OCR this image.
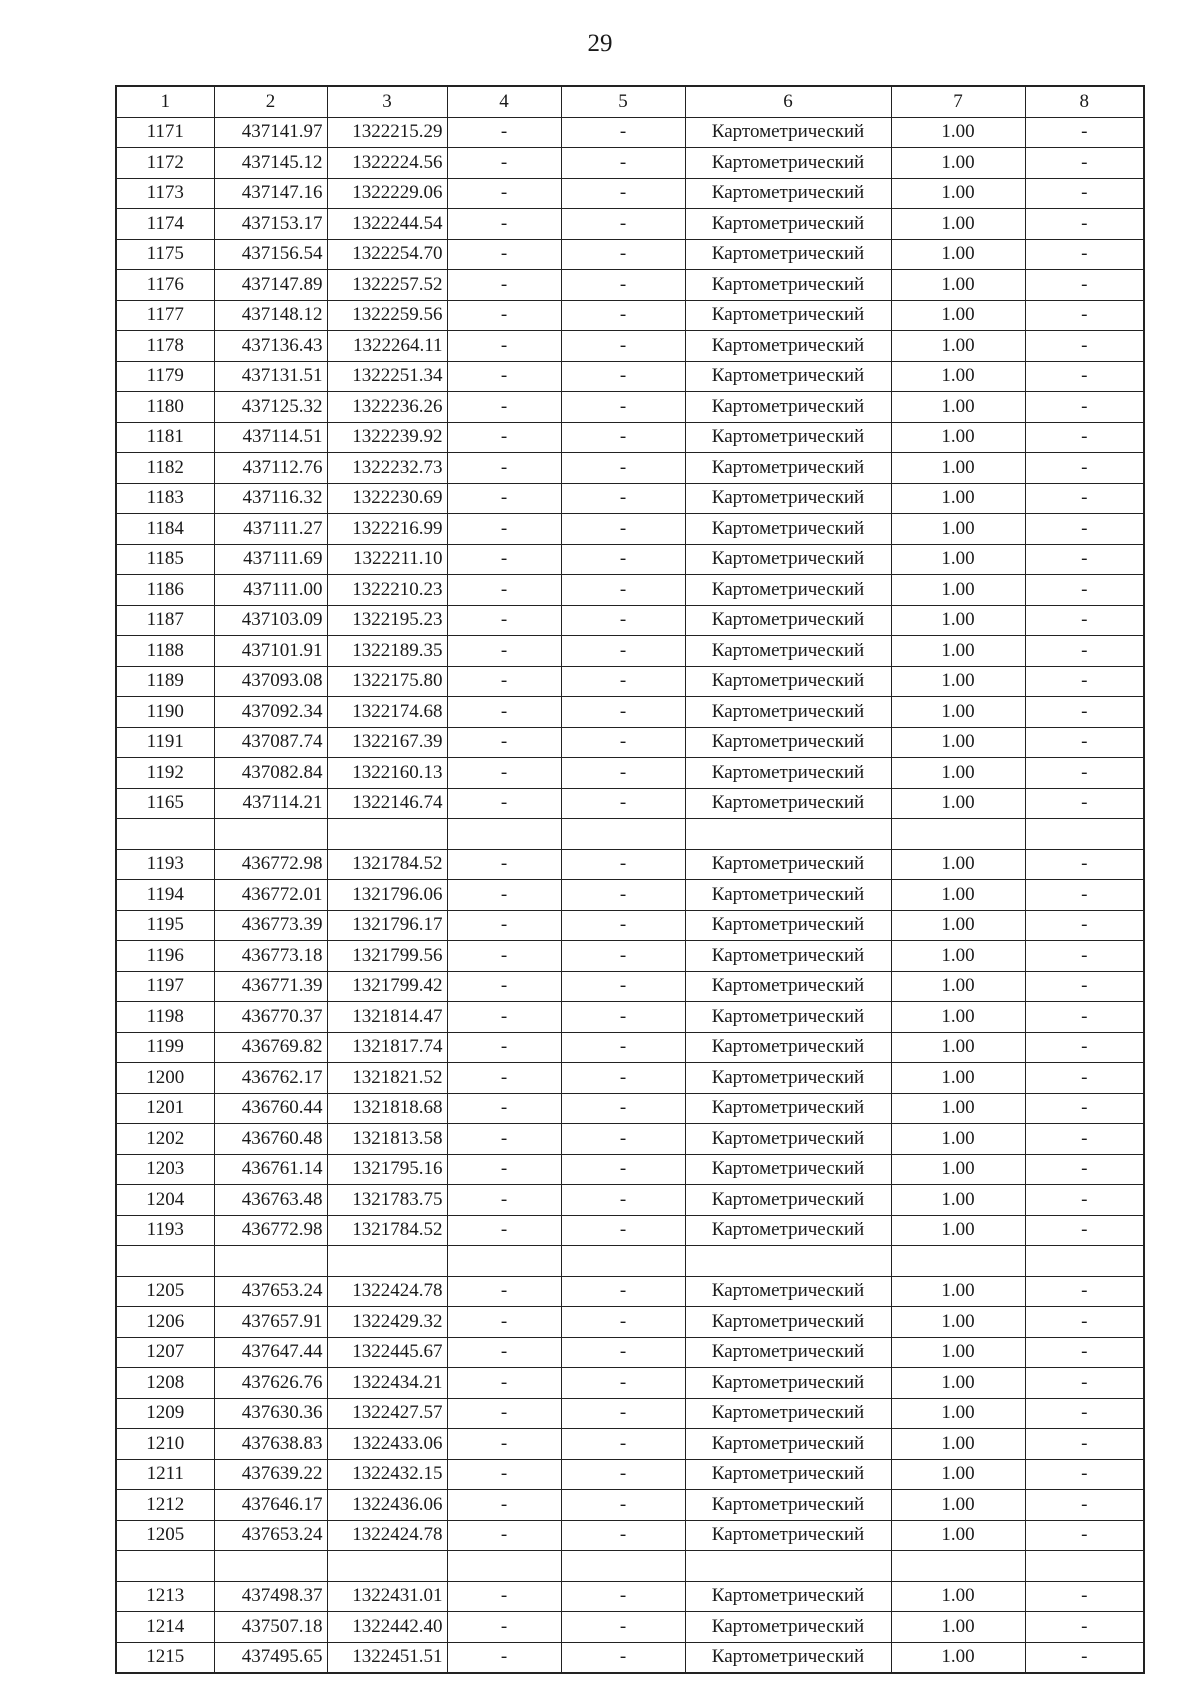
29
1	2	3	4	5	6	7	8
1171	437141.97	1322215.29	-	-	Картометрический	1.00	-
1172	437145.12	1322224.56	-	-	Картометрический	1.00	-
1173	437147.16	1322229.06	-	-	Картометрический	1.00	-
1174	437153.17	1322244.54	-	-	Картометрический	1.00	-
1175	437156.54	1322254.70	-	-	Картометрический	1.00	-
1176	437147.89	1322257.52	-	-	Картометрический	1.00	-
1177	437148.12	1322259.56	-	-	Картометрический	1.00	-
1178	437136.43	1322264.11	-	-	Картометрический	1.00	-
1179	437131.51	1322251.34	-	-	Картометрический	1.00	-
1180	437125.32	1322236.26	-	-	Картометрический	1.00	-
1181	437114.51	1322239.92	-	-	Картометрический	1.00	-
1182	437112.76	1322232.73	-	-	Картометрический	1.00	-
1183	437116.32	1322230.69	-	-	Картометрический	1.00	-
1184	437111.27	1322216.99	-	-	Картометрический	1.00	-
1185	437111.69	1322211.10	-	-	Картометрический	1.00	-
1186	437111.00	1322210.23	-	-	Картометрический	1.00	-
1187	437103.09	1322195.23	-	-	Картометрический	1.00	-
1188	437101.91	1322189.35	-	-	Картометрический	1.00	-
1189	437093.08	1322175.80	-	-	Картометрический	1.00	-
1190	437092.34	1322174.68	-	-	Картометрический	1.00	-
1191	437087.74	1322167.39	-	-	Картометрический	1.00	-
1192	437082.84	1322160.13	-	-	Картометрический	1.00	-
1165	437114.21	1322146.74	-	-	Картометрический	1.00	-

1193	436772.98	1321784.52	-	-	Картометрический	1.00	-
1194	436772.01	1321796.06	-	-	Картометрический	1.00	-
1195	436773.39	1321796.17	-	-	Картометрический	1.00	-
1196	436773.18	1321799.56	-	-	Картометрический	1.00	-
1197	436771.39	1321799.42	-	-	Картометрический	1.00	-
1198	436770.37	1321814.47	-	-	Картометрический	1.00	-
1199	436769.82	1321817.74	-	-	Картометрический	1.00	-
1200	436762.17	1321821.52	-	-	Картометрический	1.00	-
1201	436760.44	1321818.68	-	-	Картометрический	1.00	-
1202	436760.48	1321813.58	-	-	Картометрический	1.00	-
1203	436761.14	1321795.16	-	-	Картометрический	1.00	-
1204	436763.48	1321783.75	-	-	Картометрический	1.00	-
1193	436772.98	1321784.52	-	-	Картометрический	1.00	-

1205	437653.24	1322424.78	-	-	Картометрический	1.00	-
1206	437657.91	1322429.32	-	-	Картометрический	1.00	-
1207	437647.44	1322445.67	-	-	Картометрический	1.00	-
1208	437626.76	1322434.21	-	-	Картометрический	1.00	-
1209	437630.36	1322427.57	-	-	Картометрический	1.00	-
1210	437638.83	1322433.06	-	-	Картометрический	1.00	-
1211	437639.22	1322432.15	-	-	Картометрический	1.00	-
1212	437646.17	1322436.06	-	-	Картометрический	1.00	-
1205	437653.24	1322424.78	-	-	Картометрический	1.00	-

1213	437498.37	1322431.01	-	-	Картометрический	1.00	-
1214	437507.18	1322442.40	-	-	Картометрический	1.00	-
1215	437495.65	1322451.51	-	-	Картометрический	1.00	-
